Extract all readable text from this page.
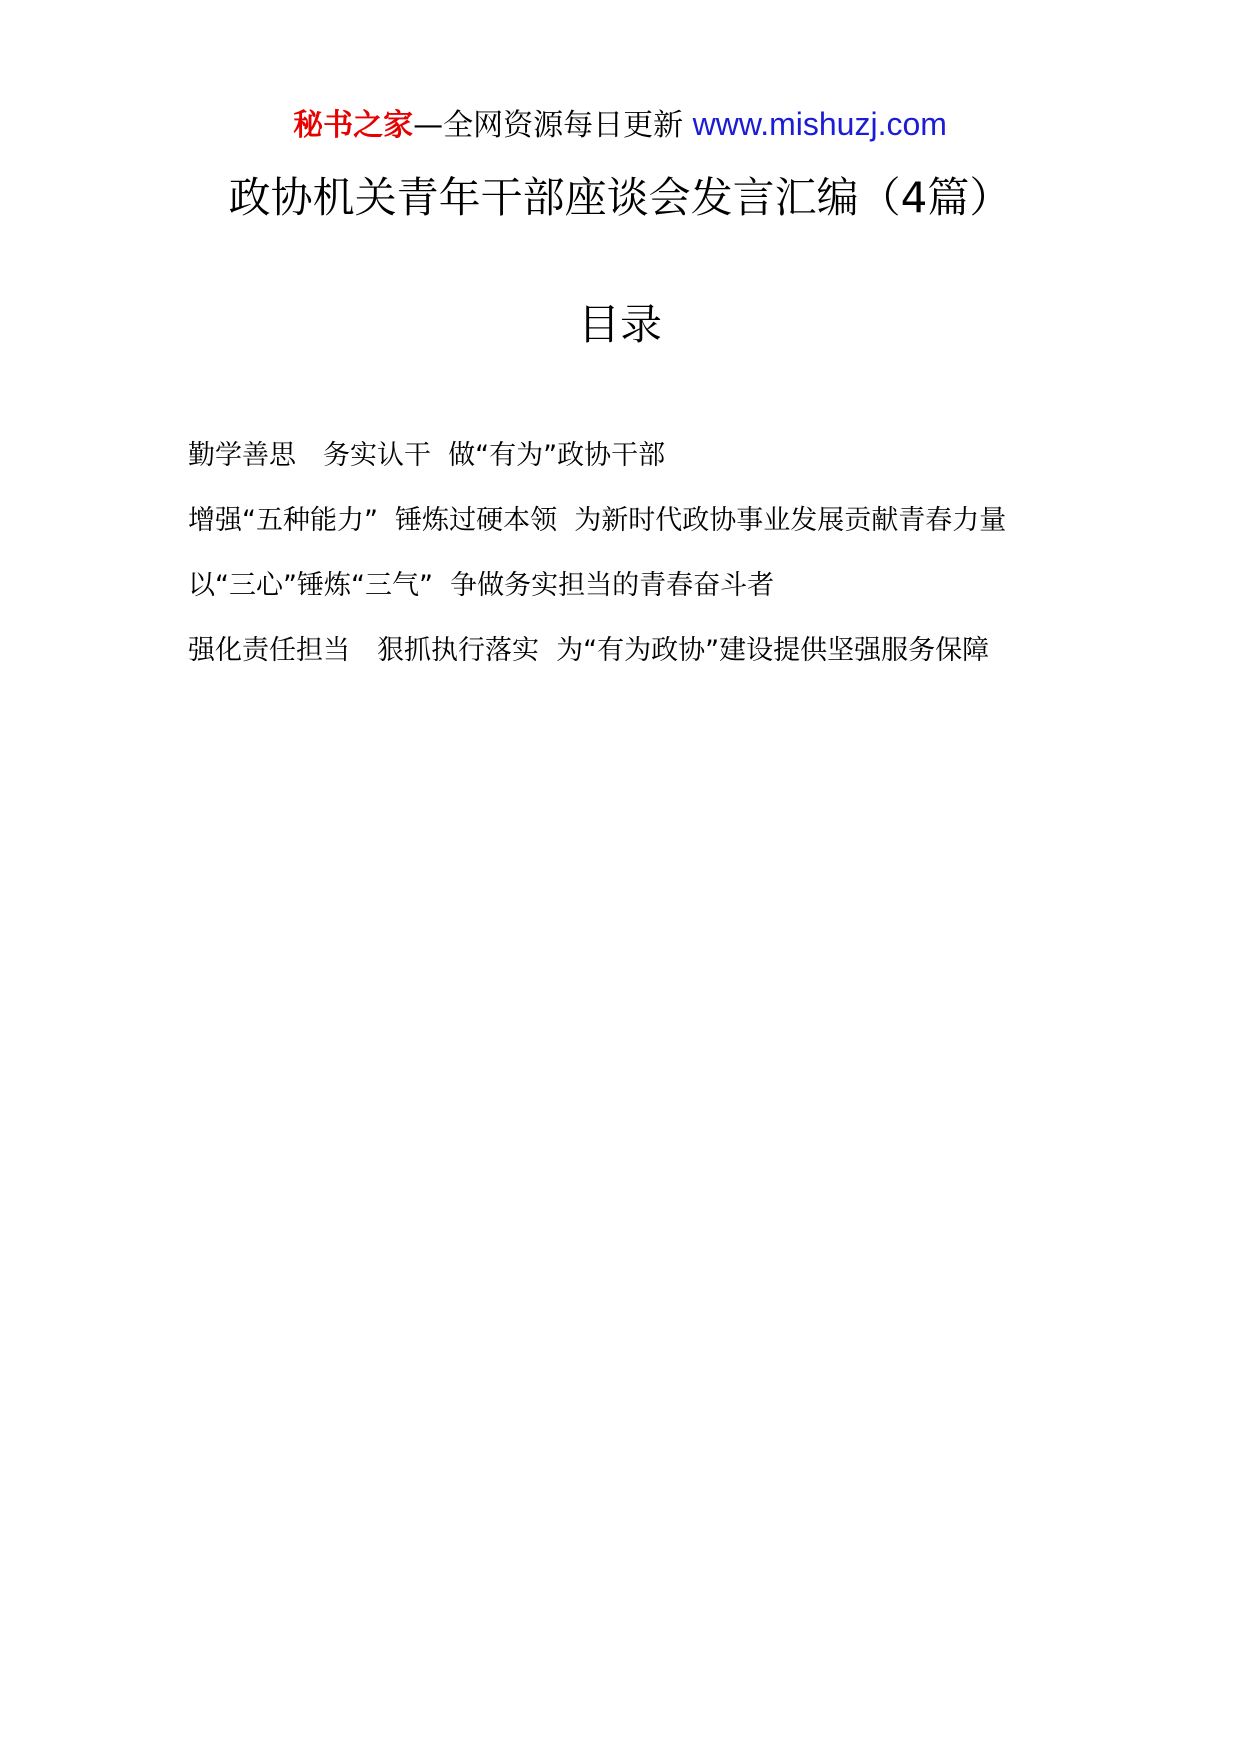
秘书之家—全网资源每日更新 www.mishuzj.com
政协机关青年干部座谈会发言汇编（4篇）
目录
勤学善思　务实认干  做“有为”政协干部
增强“五种能力”  锤炼过硬本领  为新时代政协事业发展贡献青春力量
以“三心”锤炼“三气”  争做务实担当的青春奋斗者
强化责任担当　狠抓执行落实  为“有为政协”建设提供坚强服务保障
